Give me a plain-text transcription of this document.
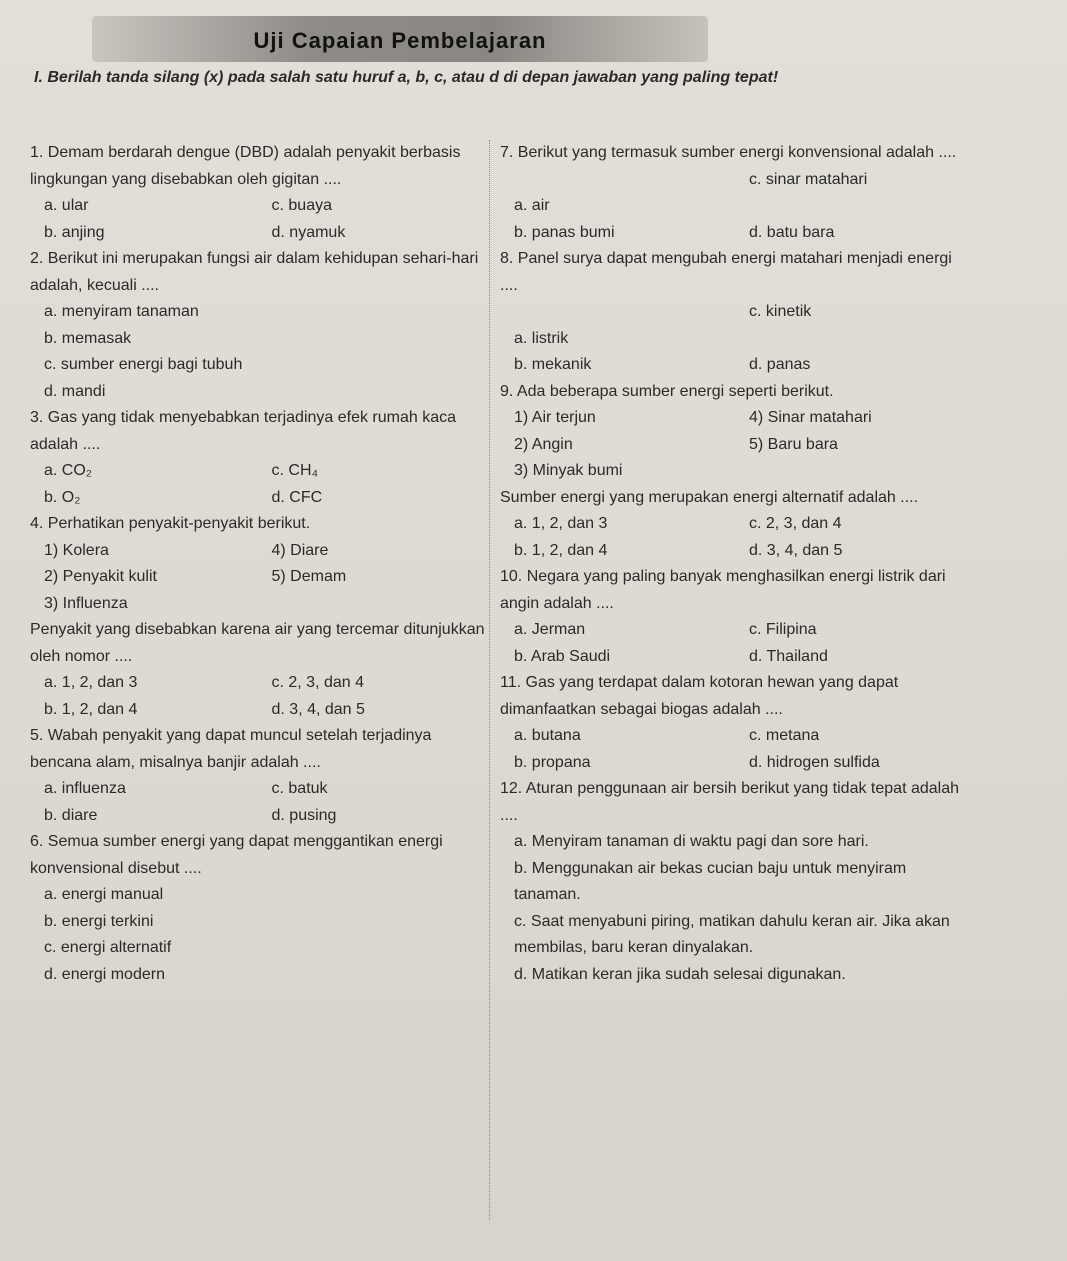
Uji Capaian Pembelajaran
I. Berilah tanda silang (x) pada salah satu huruf a, b, c, atau d di depan jawaban yang paling tepat!
1. Demam berdarah dengue (DBD) adalah penyakit berbasis lingkungan yang disebabkan oleh gigitan ....
a. ular	c. buaya
b. anjing	d. nyamuk
2. Berikut ini merupakan fungsi air dalam kehidupan sehari-hari adalah, kecuali ....
a. menyiram tanaman
b. memasak
c. sumber energi bagi tubuh
d. mandi
3. Gas yang tidak menyebabkan terjadinya efek rumah kaca adalah ....
a. CO₂	c. CH₄
b. O₂	d. CFC
4. Perhatikan penyakit-penyakit berikut.
1) Kolera	4) Diare
2) Penyakit kulit	5) Demam
3) Influenza

Penyakit yang disebabkan karena air yang tercemar ditunjukkan oleh nomor ....
a. 1, 2, dan 3	c. 2, 3, dan 4
b. 1, 2, dan 4	d. 3, 4, dan 5
5. Wabah penyakit yang dapat muncul setelah terjadinya bencana alam, misalnya banjir adalah ....
a. influenza	c. batuk
b. diare	d. pusing
6. Semua sumber energi yang dapat menggantikan energi konvensional disebut ....
a. energi manual
b. energi terkini
c. energi alternatif
d. energi modern
7. Berikut yang termasuk sumber energi konvensional adalah ....

c. sinar matahari
a. air

b. panas bumi	d. batu bara
8. Panel surya dapat mengubah energi matahari menjadi energi ....

c. kinetik
a. listrik

b. mekanik	d. panas
9. Ada beberapa sumber energi seperti berikut.
1) Air terjun	4) Sinar matahari
2) Angin	5) Baru bara
3) Minyak bumi

Sumber energi yang merupakan energi alternatif adalah ....
a. 1, 2, dan 3	c. 2, 3, dan 4
b. 1, 2, dan 4	d. 3, 4, dan 5
10. Negara yang paling banyak menghasilkan energi listrik dari angin adalah ....
a. Jerman	c. Filipina
b. Arab Saudi	d. Thailand
11. Gas yang terdapat dalam kotoran hewan yang dapat dimanfaatkan sebagai biogas adalah ....
a. butana	c. metana
b. propana	d. hidrogen sulfida
12. Aturan penggunaan air bersih berikut yang tidak tepat adalah ....
a. Menyiram tanaman di waktu pagi dan sore hari.
b. Menggunakan air bekas cucian baju untuk menyiram tanaman.
c. Saat menyabuni piring, matikan dahulu keran air. Jika akan membilas, baru keran dinyalakan.
d. Matikan keran jika sudah selesai digunakan.
